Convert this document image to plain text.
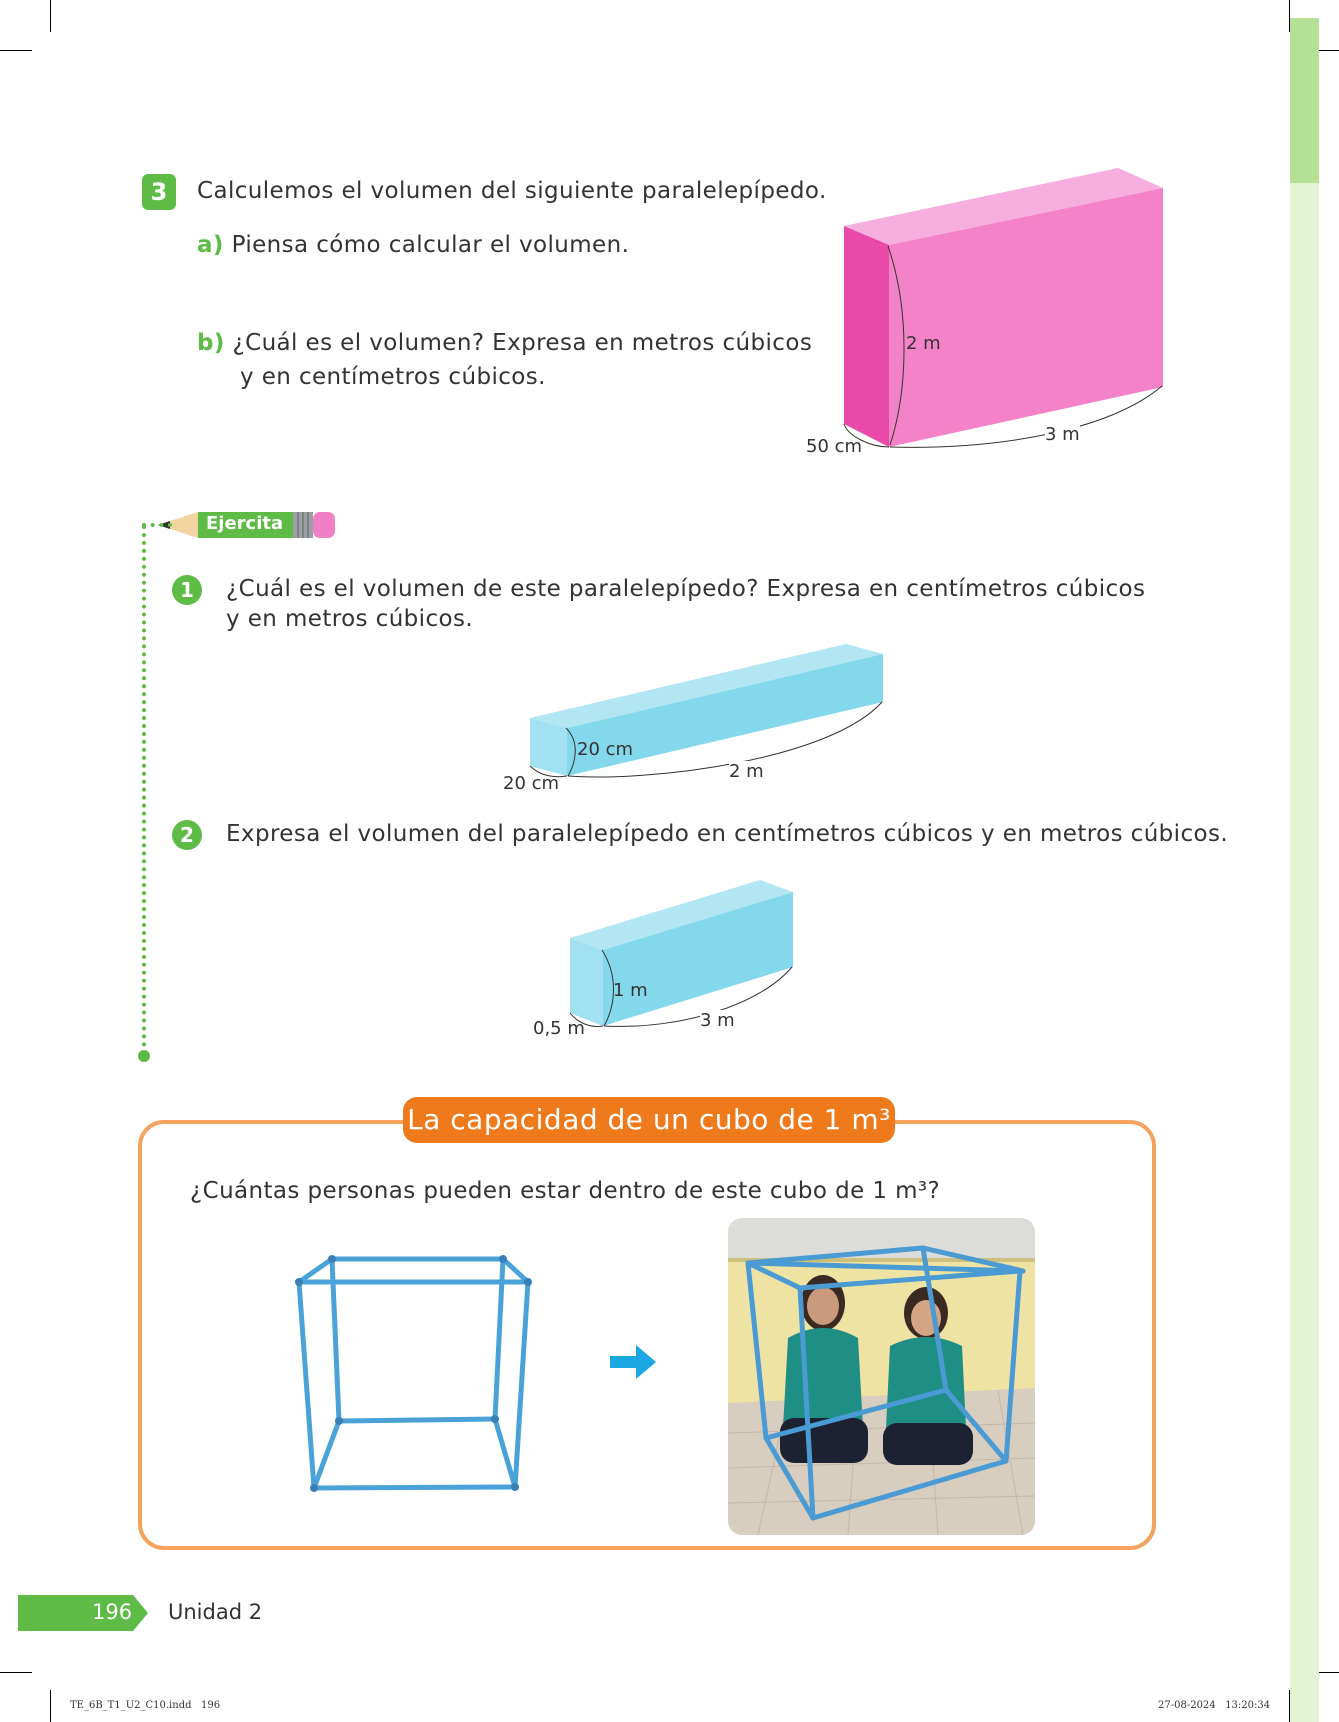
3	Calculemos el volumen del siguiente paralelepípedo.
a) Piensa cómo calcular el volumen.
b) ¿Cuál es el volumen? Expresa en metros cúbicos
y en centímetros cúbicos.
2 m
50 cm
3 m
Ejercita
1	¿Cuál es el volumen de este paralelepípedo? Expresa en centímetros cúbicos
y en metros cúbicos.
20 cm
20 cm
2 m
2	Expresa el volumen del paralelepípedo en centímetros cúbicos y en metros cúbicos.
1 m
0,5 m	3 m
La capacidad de un cubo de 1 m³
¿Cuántas personas pueden estar dentro de este cubo de 1 m³?
196 Unidad 2
TE_6B_T1_U2_C10.indd   196	27-08-2024   13:20:34
